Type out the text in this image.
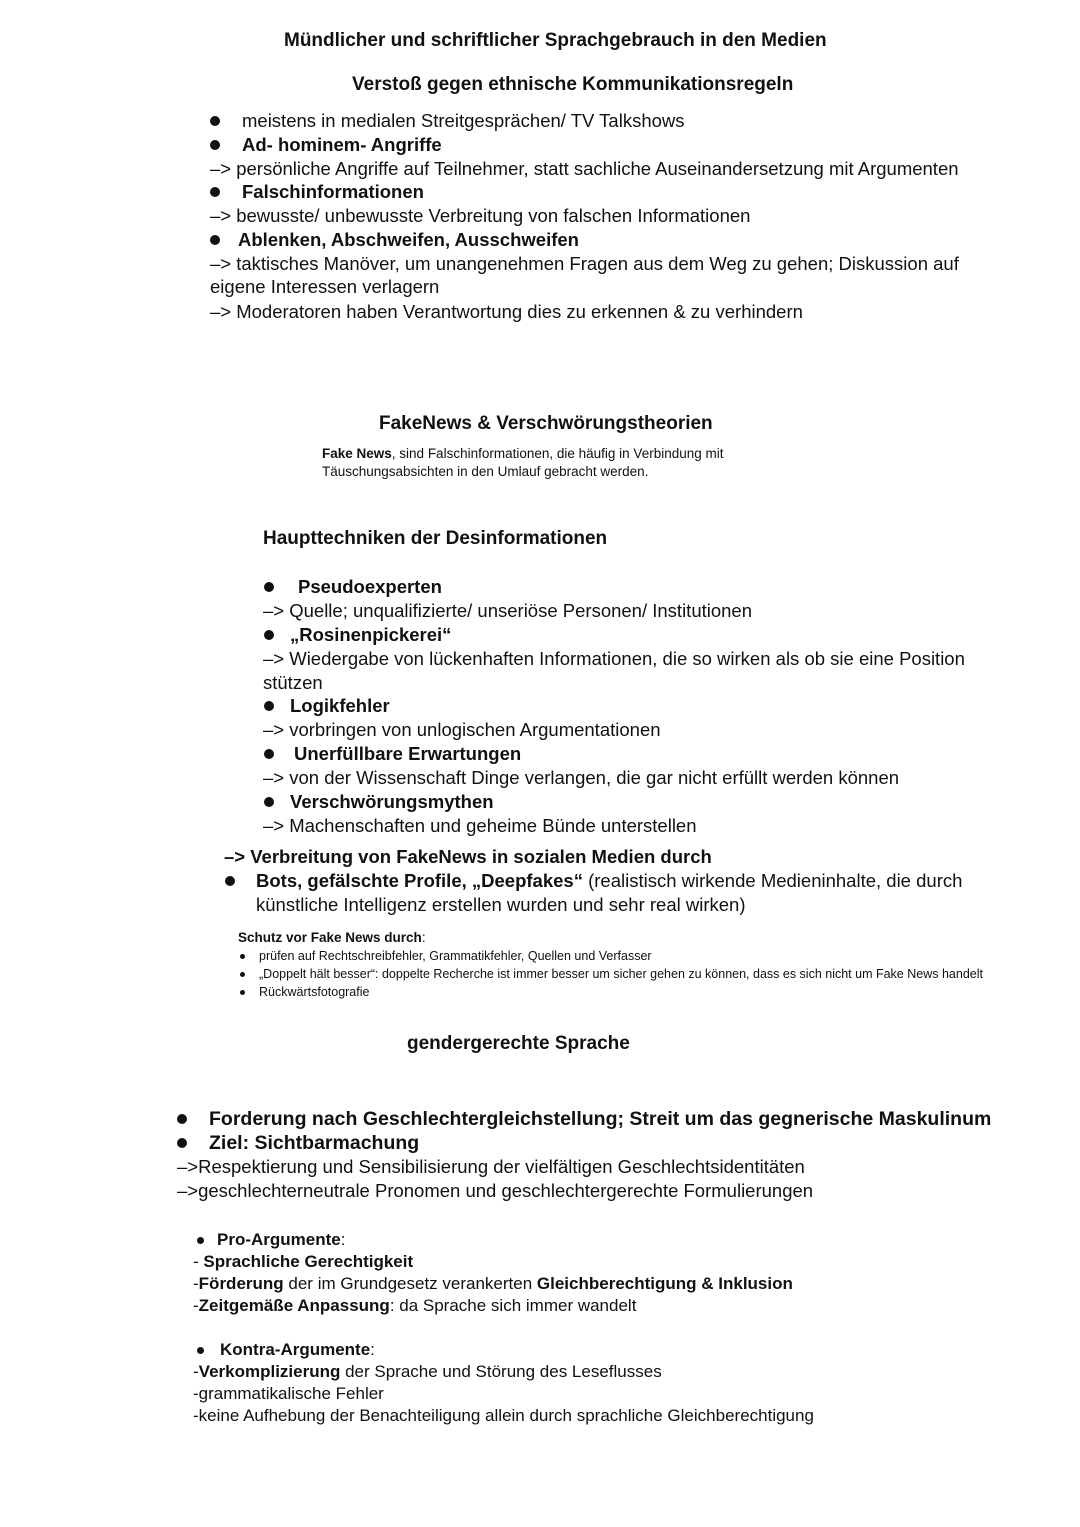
Mündlicher und schriftlicher Sprachgebrauch in den Medien
Verstoß gegen ethnische Kommunikationsregeln
meistens in medialen Streitgesprächen/ TV Talkshows
Ad- hominem- Angriffe
–> persönliche Angriffe auf Teilnehmer, statt sachliche Auseinandersetzung mit Argumenten
Falschinformationen
–> bewusste/ unbewusste Verbreitung von falschen Informationen
Ablenken, Abschweifen, Ausschweifen
–> taktisches Manöver, um unangenehmen Fragen aus dem Weg zu gehen; Diskussion auf
eigene Interessen verlagern
–> Moderatoren haben Verantwortung dies zu erkennen & zu verhindern
FakeNews & Verschwörungstheorien
Fake News, sind Falschinformationen, die häufig in Verbindung mit
Täuschungsabsichten in den Umlauf gebracht werden.
Haupttechniken der Desinformationen
Pseudoexperten
–> Quelle; unqualifizierte/ unseriöse Personen/ Institutionen
„Rosinenpickerei“
–> Wiedergabe von lückenhaften Informationen, die so wirken als ob sie eine Position
stützen
Logikfehler
–> vorbringen von unlogischen Argumentationen
Unerfüllbare Erwartungen
–> von der Wissenschaft Dinge verlangen, die gar nicht erfüllt werden können
Verschwörungsmythen
–> Machenschaften und geheime Bünde unterstellen
–> Verbreitung von FakeNews in sozialen Medien durch
Bots, gefälschte Profile, „Deepfakes“ (realistisch wirkende Medieninhalte, die durch
künstliche Intelligenz erstellen wurden und sehr real wirken)
Schutz vor Fake News durch:
prüfen auf Rechtschreibfehler, Grammatikfehler, Quellen und Verfasser
„Doppelt hält besser“: doppelte Recherche ist immer besser um sicher gehen zu können, dass es sich nicht um Fake News handelt
Rückwärtsfotografie
gendergerechte Sprache
Forderung nach Geschlechtergleichstellung; Streit um das gegnerische Maskulinum
Ziel: Sichtbarmachung
–>Respektierung und Sensibilisierung der vielfältigen Geschlechtsidentitäten
–>geschlechterneutrale Pronomen und geschlechtergerechte Formulierungen
Pro-Argumente:
- Sprachliche Gerechtigkeit
-Förderung der im Grundgesetz verankerten Gleichberechtigung & Inklusion
-Zeitgemäße Anpassung: da Sprache sich immer wandelt
Kontra-Argumente:
-Verkomplizierung der Sprache und Störung des Leseflusses
-grammatikalische Fehler
-keine Aufhebung der Benachteiligung allein durch sprachliche Gleichberechtigung
